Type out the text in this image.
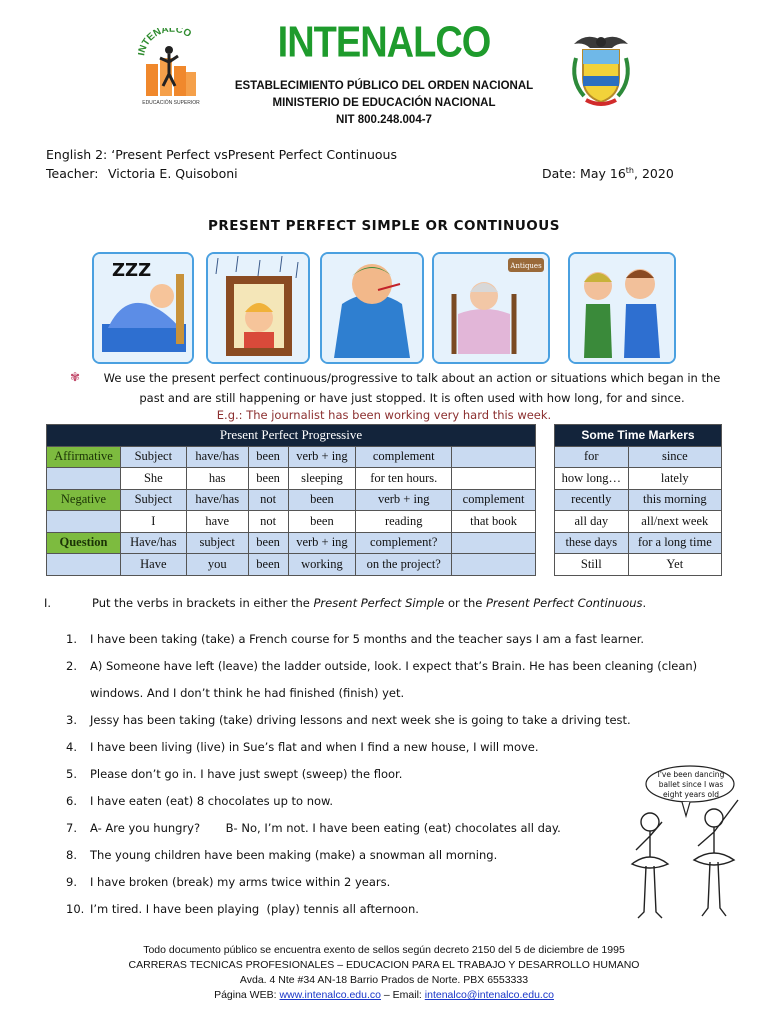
NTENALCO
EDUCACIÓN SUPERIOR
INTENALCO
ESTABLECIMIENTO PÚBLICO DEL ORDEN NACIONAL
MINISTERIO DE EDUCACIÓN NACIONAL
NIT 800.248.004-7
English 2: ‘Present Perfect vsPresent Perfect Continuous
Teacher: Victoria E. Quisoboni	Date: May 16th, 2020
PRESENT PERFECT SIMPLE OR CONTINUOUS
ZZZ	Antiques
✾	We use the present perfect continuous/progressive to talk about an action or situations which began in the past and are still happening or have just stopped. It is often used with how long, for and since.
E.g.: The journalist has been working very hard this week.
Present Perfect Progressive						
Affirmative	Subject	have/has	been	verb + ing	complement	
	She	has	been	sleeping	for ten hours.	
Negative	Subject	have/has	not	been	verb + ing	complement
	I	have	not	been	reading	that book
Question	Have/has	subject	been	verb + ing	complement?	
	Have	you	been	working	on the project?	
Some Time Markers	
for	since
how long…	lately
recently	this morning
all day	all/next week
these days	for a long time
Still	Yet
I.	Put the verbs in brackets in either the Present Perfect Simple or the Present Perfect Continuous.
1. I have been taking (take) a French course for 5 months and the teacher says I am a fast learner.
2. A) Someone have left (leave) the ladder outside, look. I expect that’s Brain. He has been cleaning (clean)
windows. And I don’t think he had finished (finish) yet.
3. Jessy has been taking (take) driving lessons and next week she is going to take a driving test.
4. I have been living (live) in Sue’s flat and when I find a new house, I will move.
5. Please don’t go in. I have just swept (sweep) the floor.
6. I have eaten (eat) 8 chocolates up to now.
7. A- Are you hungry?       B- No, I’m not. I have been eating (eat) chocolates all day.
8. The young children have been making (make) a snowman all morning.
9. I have broken (break) my arms twice within 2 years.
10. I’m tired. I have been playing  (play) tennis all afternoon.
I've been dancing ballet since I was eight years old
Todo documento público se encuentra exento de sellos según decreto 2150 del 5 de diciembre de 1995
CARRERAS TECNICAS PROFESIONALES – EDUCACION PARA EL TRABAJO Y DESARROLLO HUMANO
Avda. 4 Nte #34 AN-18 Barrio Prados de Norte. PBX 6553333
Página WEB: www.intenalco.edu.co – Email: intenalco@intenalco.edu.co
